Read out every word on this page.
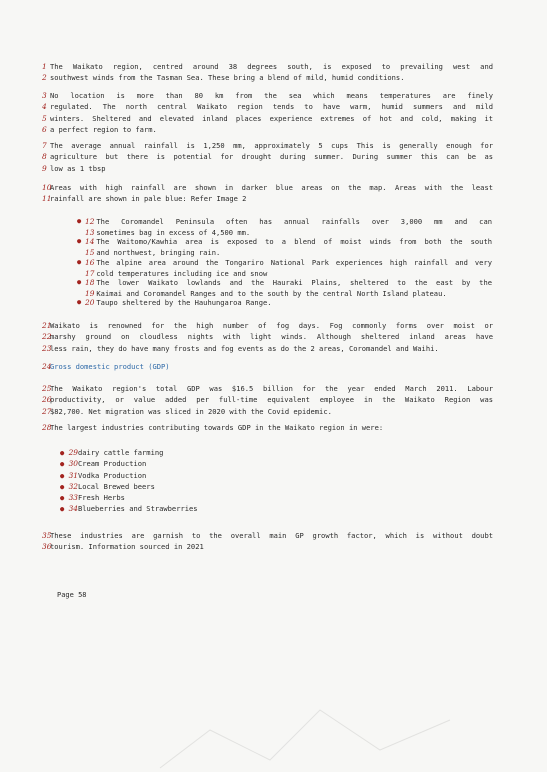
1 The Waikato region, centred around 38 degrees south, is exposed to prevailing west and
2 southwest winds from the Tasman Sea. These bring a blend of mild, humid conditions.
3 No location is more than 80 km from the sea which means temperatures are finely
4 regulated. The north central Waikato region tends to have warm, humid summers and mild
5 winters. Sheltered and elevated inland places experience extremes of hot and cold, making it
6 a perfect region to farm.
7 The average annual rainfall is 1,250 mm, approximately 5 cups This is generally enough for
8 agriculture but there is potential for drought during summer. During summer this can be as
9 low as 1 tbsp
10
Areas with high rainfall are shown in darker blue areas on the map. Areas with the least
11
rainfall are shown in pale blue: Refer Image 2
● 12 The Coromandel Peninsula often has annual rainfalls over 3,000 mm and can
13 sometimes bag in excess of 4,500 mm.
● 14 The Waitomo/Kawhia area is exposed to a blend of moist winds from both the south
15 and northwest, bringing rain.
● 16 The alpine area around the Tongariro National Park experiences high rainfall and very
17 cold temperatures including ice and snow
● 18 The lower Waikato lowlands and the Hauraki Plains, sheltered to the east by the
19 Kaimai and Coromandel Ranges and to the south by the central North Island plateau.
● 20 Taupo sheltered by the Hauhungaroa Range.
21
Waikato is renowned for the high number of fog days. Fog commonly forms over moist or
22
marshy ground on cloudless nights with light winds. Although sheltered inland areas have
23
less rain, they do have many frosts and fog events as do the 2 areas, Coromandel and Waihi.
24
Gross domestic product (GDP)
25
The Waikato region's total GDP was $16.5 billion for the year ended March 2011. Labour
26
productivity, or value added per full-time equivalent employee in the Waikato Region was
27
$82,700. Net migration was sliced in 2020 with the Covid epidemic.
28
The largest industries contributing towards GDP in the Waikato region in were:
● 29dairy cattle farming
● 30Cream Production
● 31Vodka Production
● 32Local Brewed beers
● 33Fresh Herbs
● 34Blueberries and Strawberries
35
These industries are garnish to the overall main GP growth factor, which is without doubt
36
tourism. Information sourced in 2021
Page 58
